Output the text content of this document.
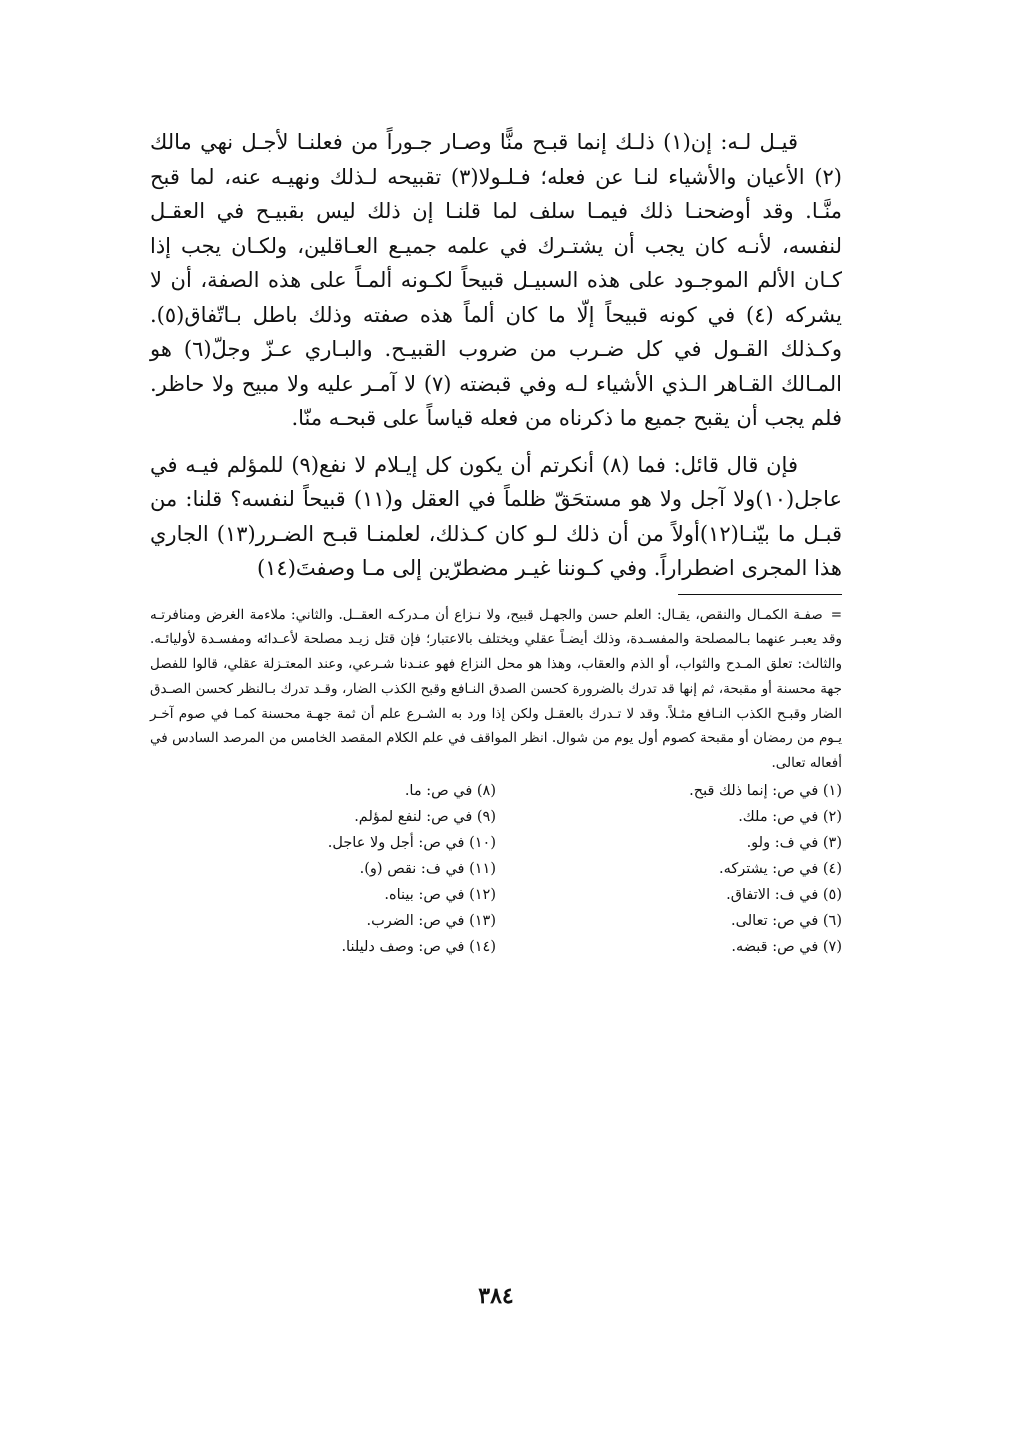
قيـل لـه: إن(١) ذلـك إنما قبـح منًّا وصـار جـوراً من فعلنـا لأجـل نهي مالك (٢) الأعيان والأشياء لنـا عن فعله؛ فـلـولا(٣) تقبيحه لـذلك ونهيـه عنه، لما قبح منَّـا. وقد أوضحنـا ذلك فيمـا سلف لما قلنـا إن ذلك ليس بقبيـح في العقـل لنفسه، لأنـه كان يجب أن يشتـرك في علمه جميـع العـاقلين، ولكـان يجب إذا كـان الألم الموجـود على هذه السبيـل قبيحاً لكـونه ألمـاً على هذه الصفة، أن لا يشركه (٤) في كونه قبيحاً إلّا ما كان ألماً هذه صفته وذلك باطل بـاتّفاق(٥). وكـذلك القـول في كل ضـرب من ضروب القبيـح. والبـاري عـزّ وجلّ(٦) هو المـالك القـاهر الـذي الأشياء لـه وفي قبضته (٧) لا آمـر عليه ولا مبيح ولا حاظر. فلم يجب أن يقبح جميع ما ذكرناه من فعله قياساً على قبحـه منّا.

فإن قال قائل: فما (٨) أنكرتم أن يكون كل إيـلام لا نفع(٩) للمؤلم فيـه في عاجل(١٠)ولا آجل ولا هو مستحَقّ ظلماً في العقل و(١١) قبيحاً لنفسه؟ قلنا: من قبـل ما بيّنـا(١٢)أولاً من أن ذلك لـو كان كـذلك، لعلمنـا قبـح الضـرر(١٣) الجاري هذا المجرى اضطراراً. وفي كـوننا غيـر مضطرّين إلى مـا وصفتَ(١٤)

=صفـة الكمـال والنقص، يقـال: العلم حسن والجهـل قبيح، ولا نـزاع أن مـدركـه العقــل. والثاني: ملاءمة الغرض ومنافرتـه وقد يعبـر عنهما بـالمصلحة والمفسـدة، وذلك أيضـاً عقلي ويختلف بالاعتبار؛ فإن قتل زيـد مصلحة لأعـدائه ومفسـدة لأوليائـه. والثالث: تعلق المـدح والثواب، أو الذم والعقاب، وهذا هو محل النزاع فهو عنـدنا شـرعي، وعند المعتـزلة عقلي، قالوا للفصل جهة محسنة أو مقبحة، ثم إنها قد تدرك بالضرورة كحسن الصدق النـافع وقبح الكذب الضار، وقـد تدرك بـالنظر كحسن الصـدق الضار وقبـح الكذب النـافع مثـلاً. وقد لا تـدرك بالعقـل ولكن إذا ورد به الشـرع علم أن ثمة جهـة محسنة كمـا في صوم آخـر يـوم من رمضان أو مقبحة كصوم أول يوم من شوال. انظر المواقف في علم الكلام المقصد الخامس من المرصد السادس في أفعاله تعالى.
(١) في ص: إنما ذلك قبح.
(٢) في ص: ملك.
(٣) في ف: ولو.
(٤) في ص: يشتركه.
(٥) في ف: الاتفاق.
(٦) في ص: تعالى.
(٧) في ص: قبضه.
(٨) في ص: ما.
(٩) في ص: لنفع لمؤلم.
(١٠) في ص: أجل ولا عاجل.
(١١) في ف: نقص (و).
(١٢) في ص: بيناه.
(١٣) في ص: الضرب.
(١٤) في ص: وصف دليلنا.
٣٨٤
